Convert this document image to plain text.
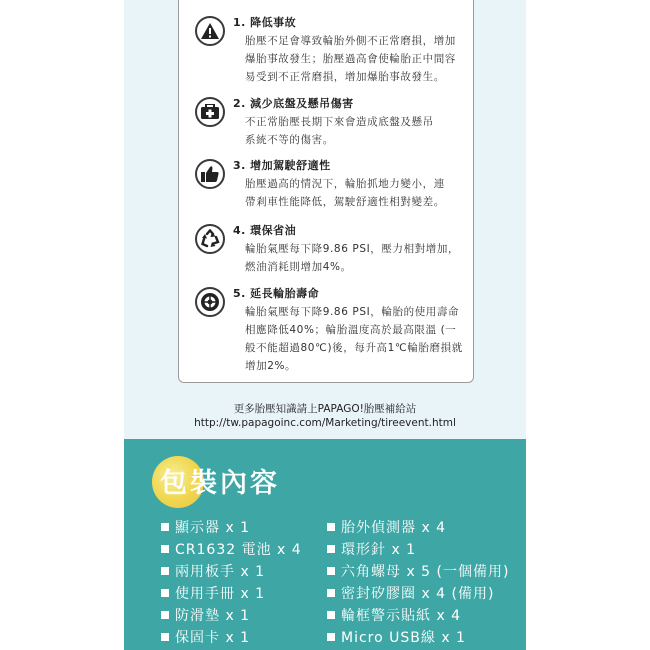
1. 降低事故
胎壓不足會導致輪胎外側不正常磨損，增加
爆胎事故發生；胎壓過高會使輪胎正中間容
易受到不正常磨損，增加爆胎事故發生。
2. 減少底盤及懸吊傷害
不正常胎壓長期下來會造成底盤及懸吊
系統不等的傷害。
3. 增加駕駛舒適性
胎壓過高的情況下，輪胎抓地力變小，連
帶剎車性能降低，駕駛舒適性相對變差。
4. 環保省油
輪胎氣壓每下降9.86 PSI，壓力相對增加，
燃油消耗則增加4%。
5. 延長輪胎壽命
輪胎氣壓每下降9.86 PSI，輪胎的使用壽命
相應降低40%；輪胎溫度高於最高限溫 (一
般不能超過80℃)後，每升高1℃輪胎磨損就
增加2%。
更多胎壓知識請上PAPAGO!胎壓補給站
http://tw.papagoinc.com/Marketing/tireevent.html
包裝內容
顯示器 x 1
CR1632 電池 x 4
兩用板手 x 1
使用手冊 x 1
防滑墊 x 1
保固卡 x 1
胎外偵測器 x 4
環形針 x 1
六角螺母 x 5 (一個備用)
密封矽膠圈 x 4 (備用)
輪框警示貼紙 x 4
Micro USB線 x 1
